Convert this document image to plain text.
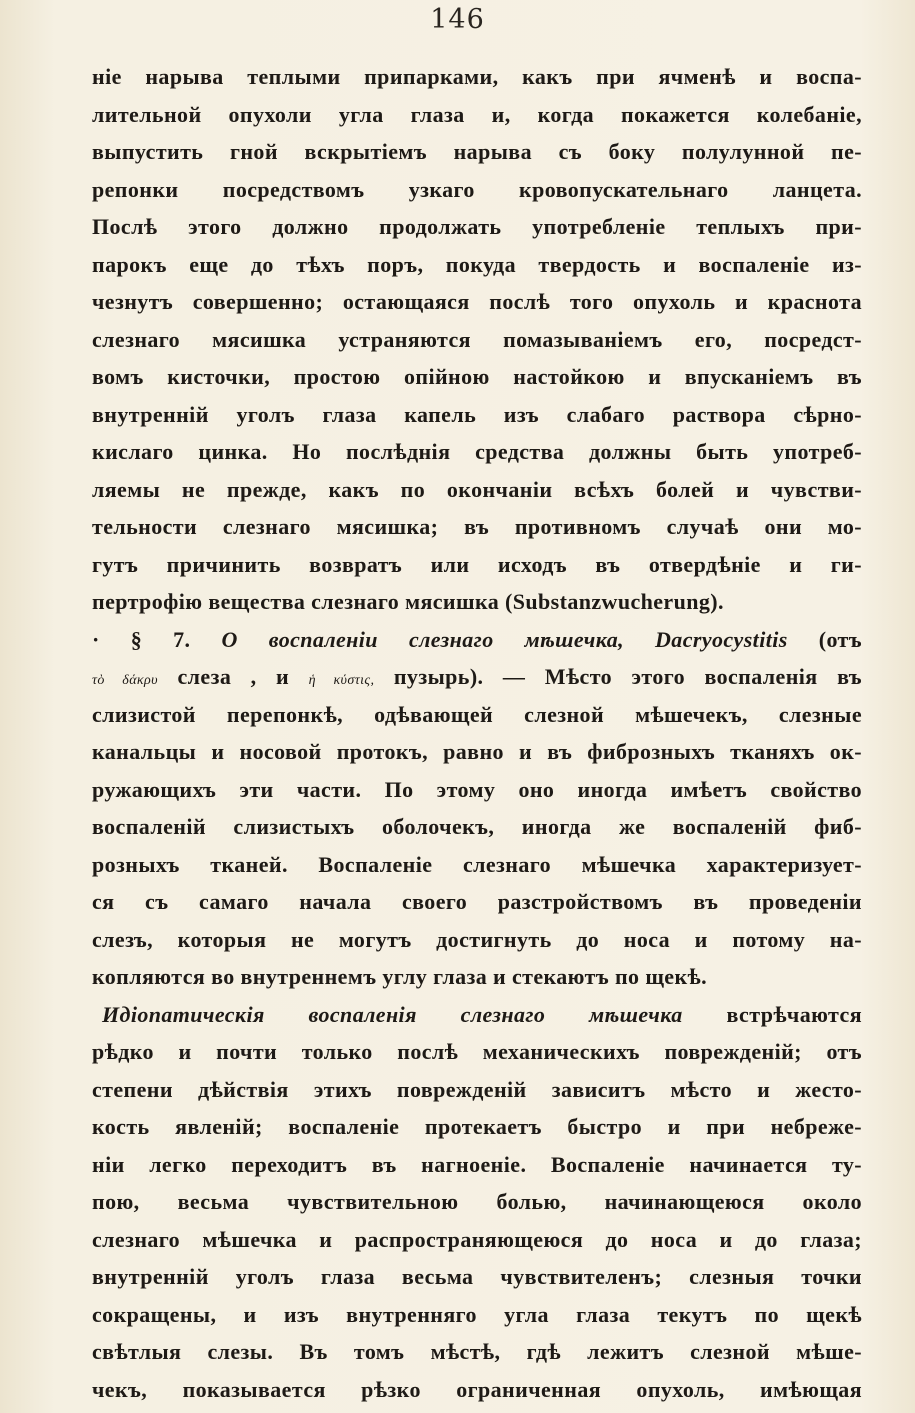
146
ніе нарыва теплыми припарками, какъ при ячменѣ и воспа-
лительной опухоли угла глаза и, когда покажется колебаніе,
выпустить гной вскрытіемъ нарыва съ боку полулунной пе-
репонки посредствомъ узкаго кровопускательнаго ланцета.
Послѣ этого должно продолжать употребленіе теплыхъ при-
парокъ еще до тѣхъ поръ, покуда твердость и воспаленіе из-
чезнутъ совершенно; остающаяся послѣ того опухоль и краснота
слезнаго мясишка устраняются помазываніемъ его, посредст-
вомъ кисточки, простою опійною настойкою и впусканіемъ въ
внутренній уголъ глаза капель изъ слабаго раствора сѣрно-
кислаго цинка. Но послѣднія средства должны быть употреб-
ляемы не прежде, какъ по окончаніи всѣхъ болей и чувстви-
тельности слезнаго мясишка; въ противномъ случаѣ они мо-
гутъ причинить возвратъ или исходъ въ отвердѣніе и ги-
пертрофію вещества слезнаго мясишка (Substanzwucherung).
· § 7. О воспаленіи слезнаго мѣшечка, Dacryocystitis (отъ
τὸ δάκρυ слеза , и ἡ κύστις, пузырь). — Мѣсто этого воспаленія въ
слизистой перепонкѣ, одѣвающей слезной мѣшечекъ, слезные
канальцы и носовой протокъ, равно и въ фиброзныхъ тканяхъ ок-
ружающихъ эти части. По этому оно иногда имѣетъ свойство
воспаленій слизистыхъ оболочекъ, иногда же воспаленій фиб-
розныхъ тканей. Воспаленіе слезнаго мѣшечка характеризует-
ся съ самаго начала своего разстройствомъ въ проведеніи
слезъ, которыя не могутъ достигнуть до носа и потому на-
копляются во внутреннемъ углу глаза и стекаютъ по щекѣ.
Идіопатическія воспаленія слезнаго мѣшечка встрѣчаются
рѣдко и почти только послѣ механическихъ поврежденій; отъ
степени дѣйствія этихъ поврежденій зависитъ мѣсто и жесто-
кость явленій; воспаленіе протекаетъ быстро и при небреже-
ніи легко переходитъ въ нагноеніе. Воспаленіе начинается ту-
пою, весьма чувствительною болью, начинающеюся около
слезнаго мѣшечка и распространяющеюся до носа и до глаза;
внутренній уголъ глаза весьма чувствителенъ; слезныя точки
сокращены, и изъ внутренняго угла глаза текутъ по щекѣ
свѣтлыя слезы. Въ томъ мѣстѣ, гдѣ лежитъ слезной мѣше-
чекъ, показывается рѣзко ограниченная опухоль, имѣющая
